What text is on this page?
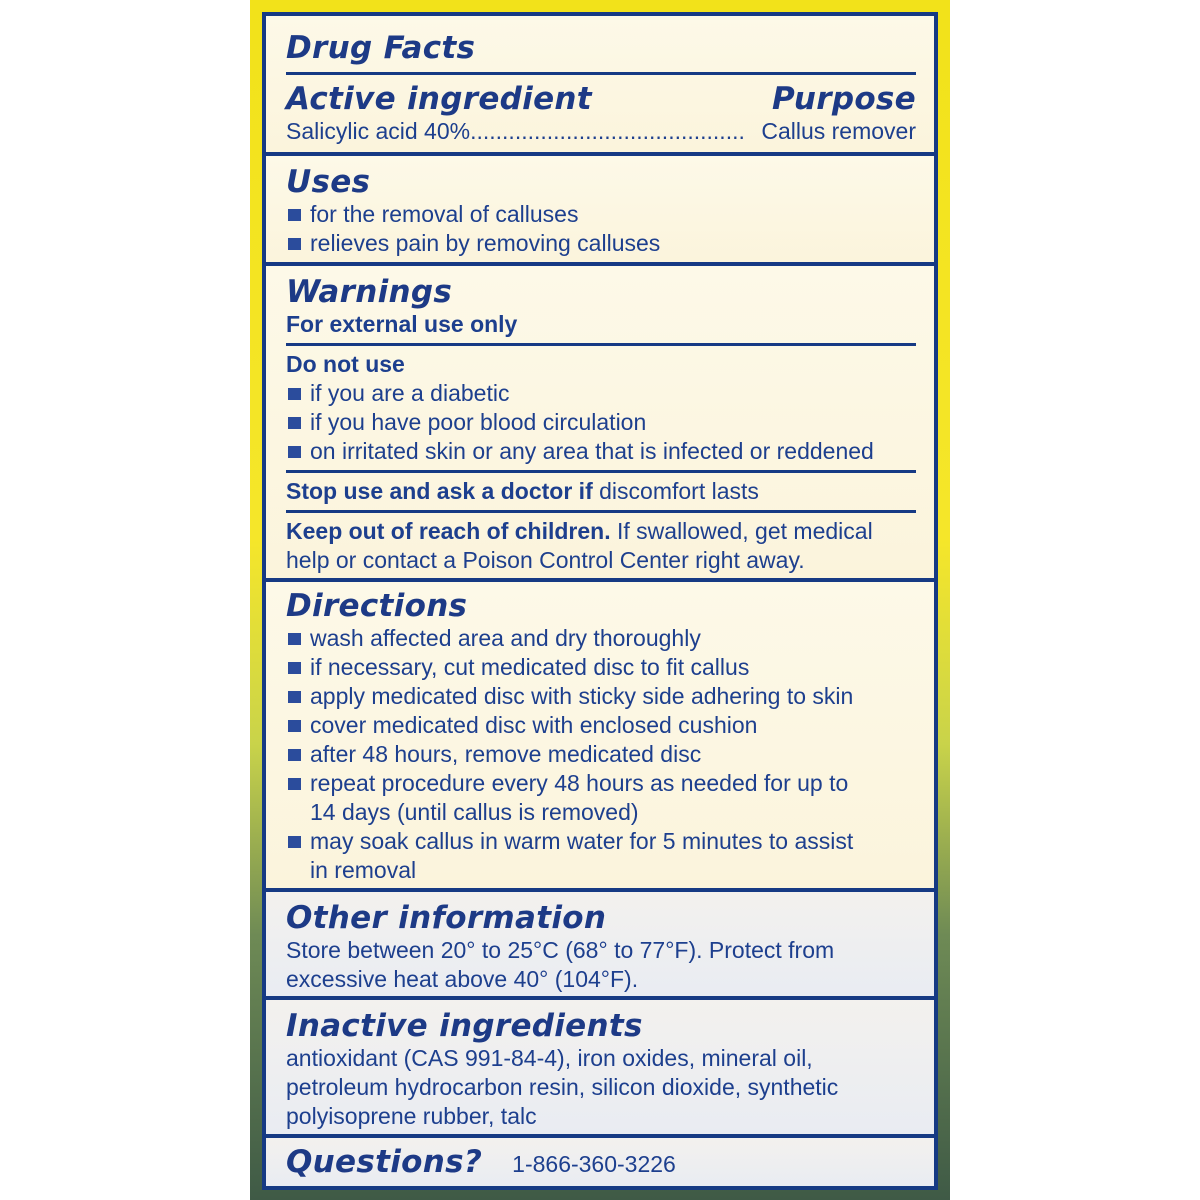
Drug Facts
Active ingredient	Purpose
Salicylic acid 40% ........................................... Callus remover
Uses
for the removal of calluses
relieves pain by removing calluses
Warnings
For external use only
Do not use
if you are a diabetic
if you have poor blood circulation
on irritated skin or any area that is infected or reddened
Stop use and ask a doctor if discomfort lasts
Keep out of reach of children. If swallowed, get medical
help or contact a Poison Control Center right away.
Directions
wash affected area and dry thoroughly
if necessary, cut medicated disc to fit callus
apply medicated disc with sticky side adhering to skin
cover medicated disc with enclosed cushion
after 48 hours, remove medicated disc
repeat procedure every 48 hours as needed for up to
14 days (until callus is removed)
may soak callus in warm water for 5 minutes to assist
in removal
Other information
Store between 20° to 25°C (68° to 77°F). Protect from
excessive heat above 40° (104°F).
Inactive ingredients
antioxidant (CAS 991-84-4), iron oxides, mineral oil,
petroleum hydrocarbon resin, silicon dioxide, synthetic
polyisoprene rubber, talc
Questions? 1-866-360-3226
